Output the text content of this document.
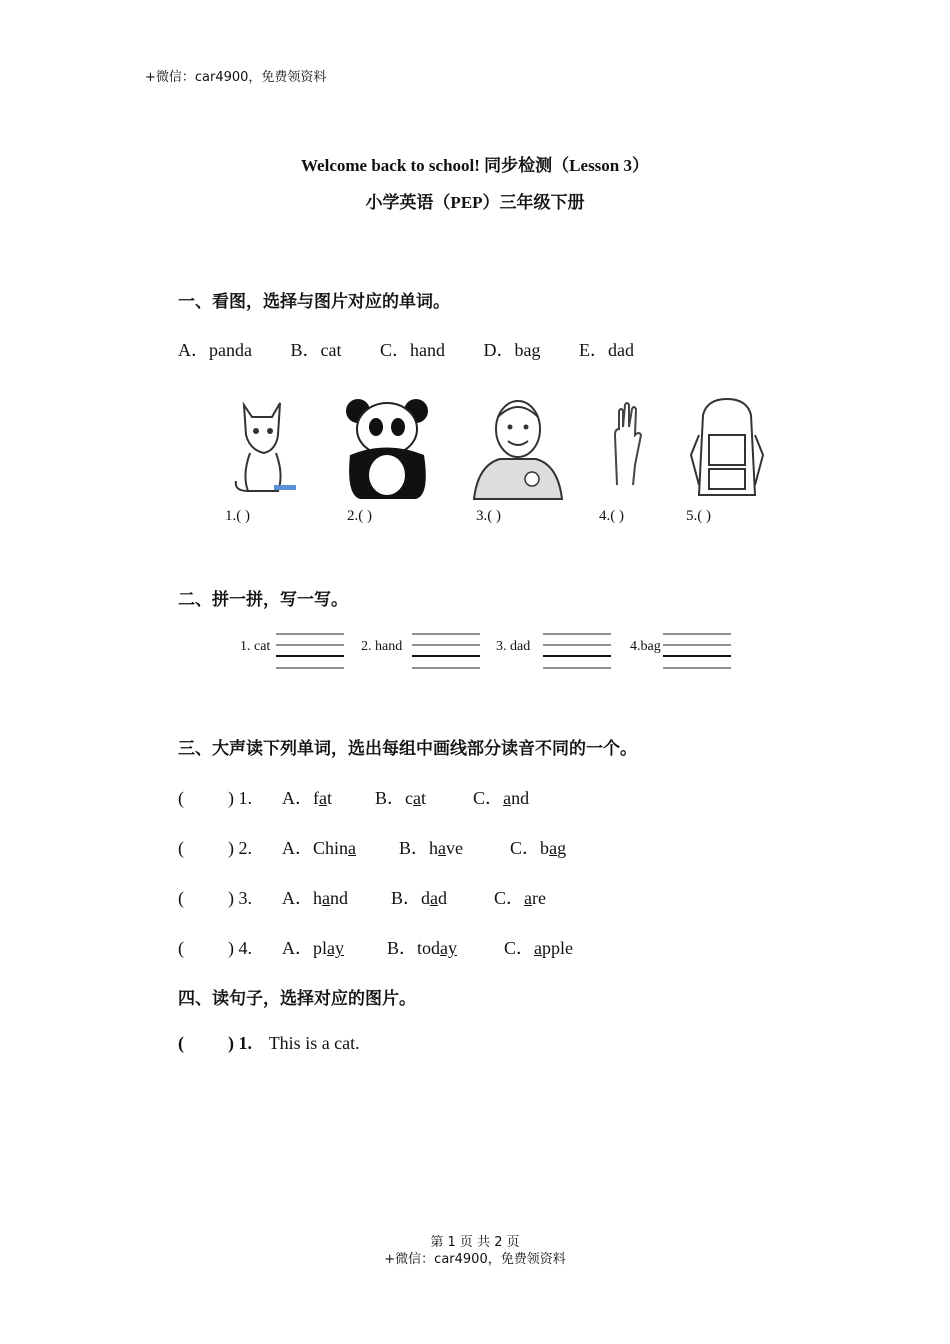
+微信：car4900，免费领资料
Welcome back to school! 同步检测（Lesson 3）
小学英语（PEP）三年级下册
一、看图，选择与图片对应的单词。
A．panda B．cat C．hand D．bag E．dad
1.( )	2.( )	3.( )	4.( )	5.( )
二、拼一拼，写一写。
1. cat	2. hand	3. dad	4.bag
三、大声读下列单词，选出每组中画线部分读音不同的一个。
( ) 1. A．fat B．cat	C．and
( ) 2. A．China B．have	C．bag
( ) 3. A．hand B．dad	C．are
( ) 4. A．play B．today	C．apple
四、读句子，选择对应的图片。
( ) 1. This is a cat.
第 1 页 共 2 页
+微信：car4900，免费领资料
